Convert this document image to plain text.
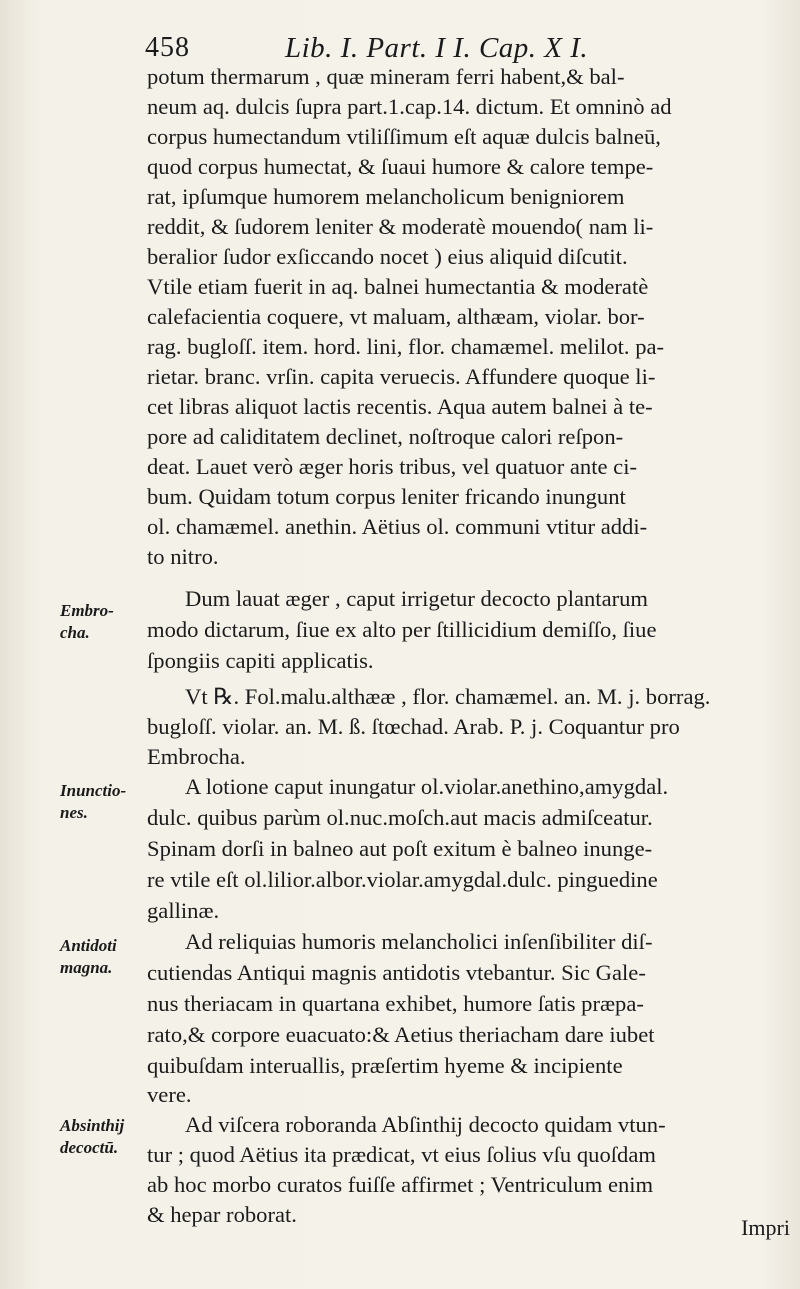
458	Lib. I. Part. I I. Cap. X I.
Embro-
cha.
Inunctio-
nes.
Antidoti
magna.
Absinthij
decoctū.
potum thermarum , quæ mineram ferri habent,& bal-
neum aq. dulcis ſupra part.1.cap.14. dictum. Et omninò ad
corpus humectandum vtiliſſimum eſt aquæ dulcis balneū,
quod corpus humectat, & ſuaui humore & calore tempe-
rat, ipſumque humorem melancholicum benigniorem
reddit, & ſudorem leniter & moderatè mouendo( nam li-
beralior ſudor exſiccando nocet ) eius aliquid diſcutit.
Vtile etiam fuerit in aq. balnei humectantia & moderatè
calefacientia coquere, vt maluam, althæam, violar. bor-
rag. bugloſſ. item. hord. lini, flor. chamæmel. melilot. pa-
rietar. branc. vrſin. capita veruecis. Affundere quoque li-
cet libras aliquot lactis recentis. Aqua autem balnei à te-
pore ad caliditatem declinet, noſtroque calori reſpon-
deat. Lauet verò æger horis tribus, vel quatuor ante ci-
bum. Quidam totum corpus leniter fricando inungunt
ol. chamæmel. anethin. Aëtius ol. communi vtitur addi-
to nitro.
Dum lauat æger , caput irrigetur decocto plantarum
modo dictarum, ſiue ex alto per ſtillicidium demiſſo, ſiue
ſpongiis capiti applicatis.
Vt ℞. Fol.malu.althææ , flor. chamæmel. an. M. j. borrag.
bugloſſ. violar. an. M. ß. ſtœchad. Arab. P. j. Coquantur pro
Embrocha.
A lotione caput inungatur ol.violar.anethino,amygdal.
dulc. quibus parùm ol.nuc.moſch.aut macis admiſceatur.
Spinam dorſi in balneo aut poſt exitum è balneo inunge-
re vtile eſt ol.lilior.albor.violar.amygdal.dulc. pinguedine
gallinæ.
Ad reliquias humoris melancholici inſenſibiliter diſ-
cutiendas Antiqui magnis antidotis vtebantur. Sic Gale-
nus theriacam in quartana exhibet, humore ſatis præpa-
rato,& corpore euacuato:& Aetius theriacham dare iubet
quibuſdam interuallis, præſertim hyeme & incipiente
vere.
Ad viſcera roboranda Abſinthij decocto quidam vtun-
tur ; quod Aëtius ita prædicat, vt eius ſolius vſu quoſdam
ab hoc morbo curatos fuiſſe affirmet ; Ventriculum enim
& hepar roborat.
Impri
